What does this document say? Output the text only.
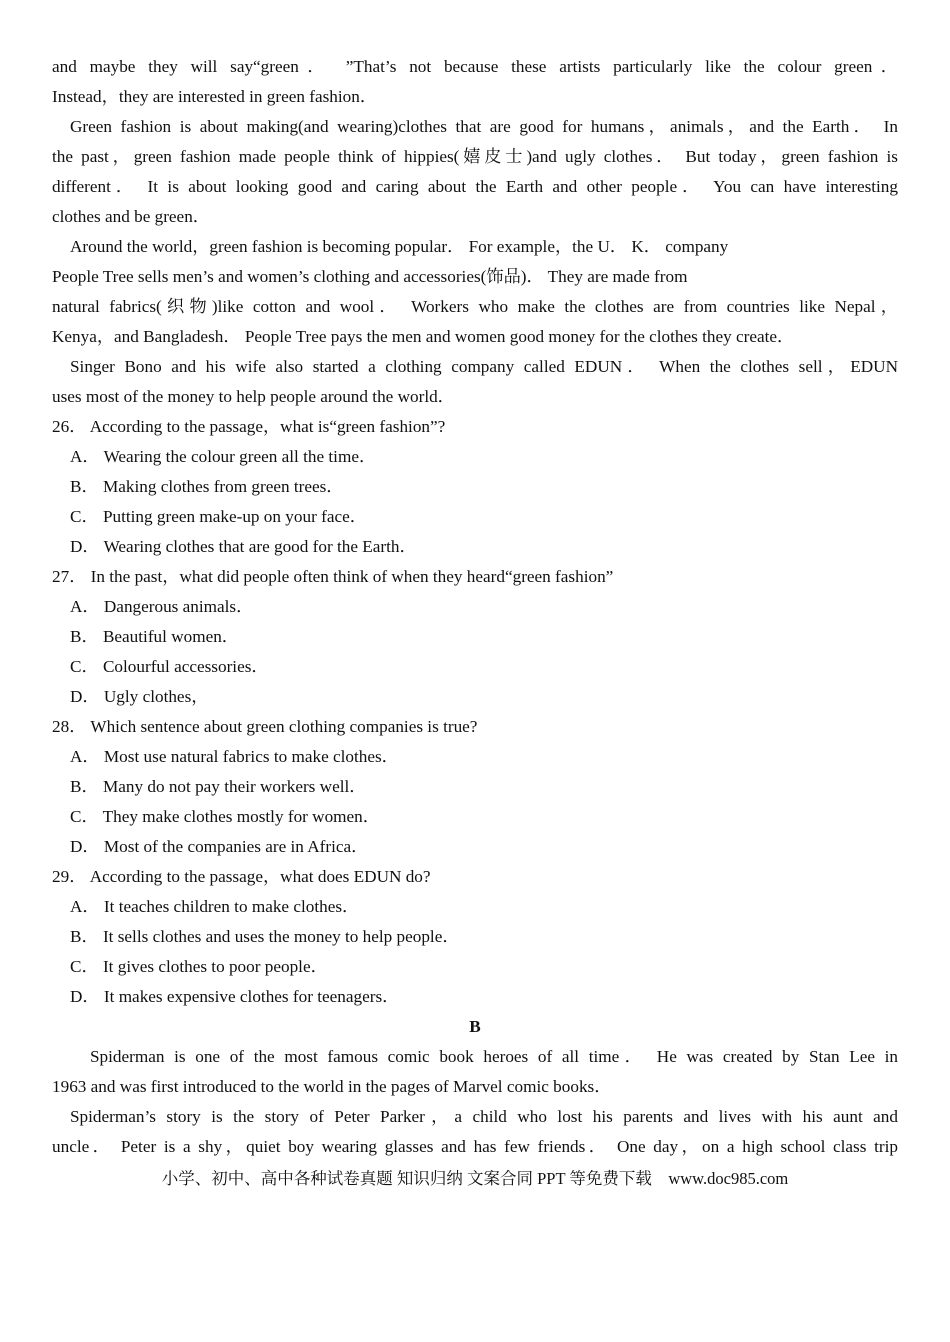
and maybe they will say“green． ”That’s not because these artists particularly like the colour green．
Instead，they are interested in green fashion．
Green fashion is about making(and wearing)clothes that are good for humans，animals，and the Earth． In
the past，green fashion made people think of hippies(嬉皮士)and ugly clothes． But today，green fashion is
different． It is about looking good and caring about the Earth and other people． You can have interesting
clothes and be green．
Around the world，green fashion is becoming popular． For example，the U． K． company
People Tree sells men’s and women’s clothing and accessories(饰品)． They are made from
natural fabrics(织物)like cotton and wool． Workers who make the clothes are from countries like Nepal，
Kenya，and Bangladesh． People Tree pays the men and women good money for the clothes they create．
Singer Bono and his wife also started a clothing company called EDUN． When the clothes sell，EDUN
uses most of the money to help people around the world．
26． According to the passage，what is“green fashion”?
A． Wearing the colour green all the time．
B． Making clothes from green trees．
C． Putting green make-up on your face．
D． Wearing clothes that are good for the Earth．
27． In the past，what did people often think of when they heard“green fashion”
A． Dangerous animals．
B． Beautiful women．
C． Colourful accessories．
D． Ugly clothes，
28． Which sentence about green clothing companies is true?
A． Most use natural fabrics to make clothes．
B． Many do not pay their workers well．
C． They make clothes mostly for women．
D． Most of the companies are in Africa．
29． According to the passage，what does EDUN do?
A． It teaches children to make clothes．
B． It sells clothes and uses the money to help people．
C． It gives clothes to poor people．
D． It makes expensive clothes for teenagers．
B
Spiderman is one of the most famous comic book heroes of all time． He was created by Stan Lee in
1963 and was first introduced to the world in the pages of Marvel comic books．
Spiderman’s story is the story of Peter Parker，a child who lost his parents and lives with his aunt and
uncle． Peter is a shy，quiet boy wearing glasses and has few friends． One day，on a high school class trip
小学、初中、高中各种试卷真题 知识归纳 文案合同 PPT 等免费下载　www.doc985.com
